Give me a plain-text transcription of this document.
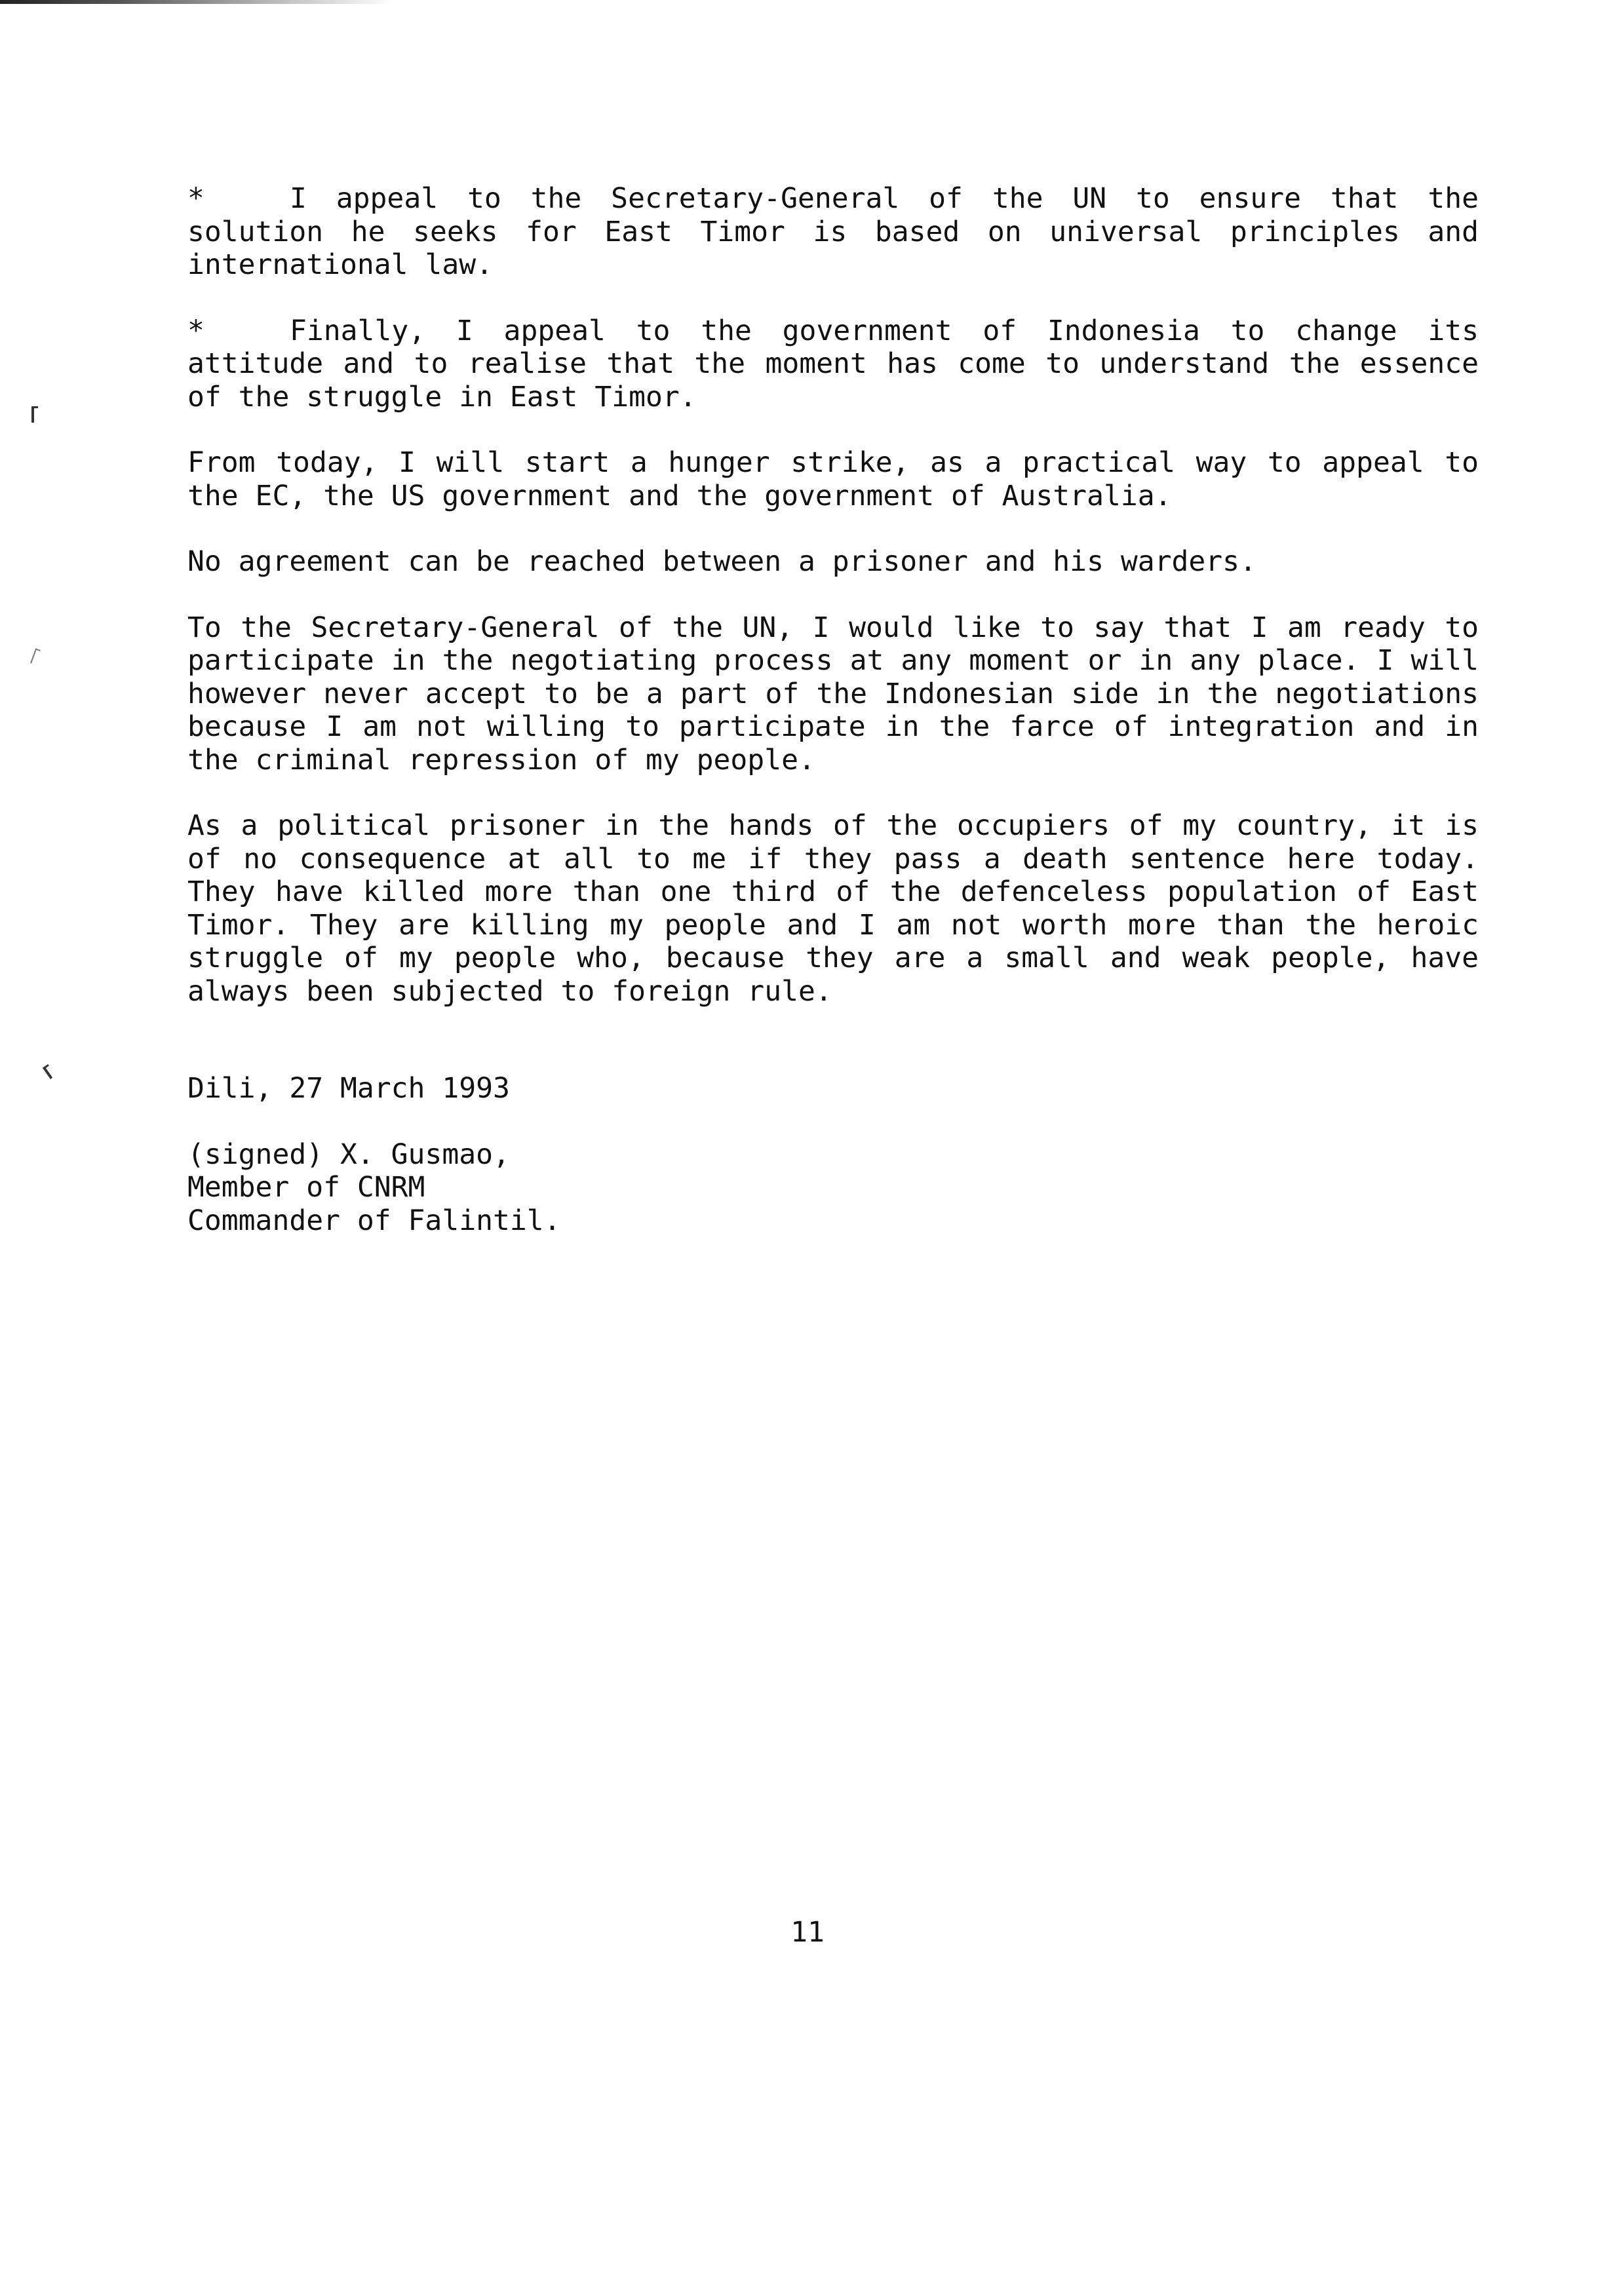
*	I appeal to the Secretary-General of the UN to ensure that the solution he seeks for East Timor is based on universal principles and international law.

*	Finally, I appeal to the government of Indonesia to change its attitude and to realise that the moment has come to understand the essence of the struggle in East Timor.

From today, I will start a hunger strike, as a practical way to appeal to the EC, the US government and the government of Australia.

No agreement can be reached between a prisoner and his warders.

To the Secretary-General of the UN, I would like to say that I am ready to participate in the negotiating process at any moment or in any place. I will however never accept to be a part of the Indonesian side in the negotiations because I am not willing to participate in the farce of integration and in the criminal repression of my people.

As a political prisoner in the hands of the occupiers of my country, it is of no consequence at all to me if they pass a death sentence here today. They have killed more than one third of the defenceless population of East Timor. They are killing my people and I am not worth more than the heroic struggle of my people who, because they are a small and weak people, have always been subjected to foreign rule.

Dili, 27 March 1993

(signed) X. Gusmao,
Member of CNRM
Commander of Falintil.

11
